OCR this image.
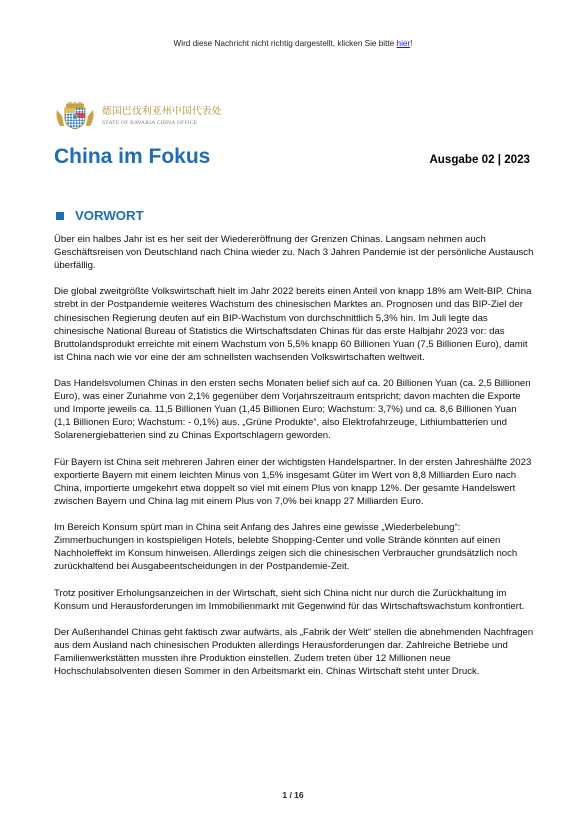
Wird diese Nachricht nicht richtig dargestellt, klicken Sie bitte hier!
德国巴伐利亚州中国代表处
STATE OF BAVARIA CHINA OFFICE
China im Fokus	Ausgabe 02 | 2023
VORWORT

Über ein halbes Jahr ist es her seit der Wiedereröffnung der Grenzen Chinas. Langsam nehmen auch Geschäftsreisen von Deutschland nach China wieder zu. Nach 3 Jahren Pandemie ist der persönliche Austausch überfällig.

Die global zweitgrößte Volkswirtschaft hielt im Jahr 2022 bereits einen Anteil von knapp 18% am Welt-BIP. China strebt in der Postpandemie weiteres Wachstum des chinesischen Marktes an. Prognosen und das BIP-Ziel der chinesischen Regierung deuten auf ein BIP-Wachstum von durchschnittlich 5,3% hin. Im Juli legte das chinesische National Bureau of Statistics die Wirtschaftsdaten Chinas für das erste Halbjahr 2023 vor: das Bruttolandsprodukt erreichte mit einem Wachstum von 5,5% knapp 60 Billionen Yuan (7,5 Billionen Euro), damit ist China nach wie vor eine der am schnellsten wachsenden Volkswirtschaften weltweit.

Das Handelsvolumen Chinas in den ersten sechs Monaten belief sich auf ca. 20 Billionen Yuan (ca. 2,5 Billionen Euro), was einer Zunahme von 2,1% gegenüber dem Vorjahrszeitraum entspricht; davon machten die Exporte und Importe jeweils ca. 11,5 Billionen Yuan (1,45 Billionen Euro; Wachstum: 3,7%) und ca. 8,6 Billionen Yuan (1,1 Billionen Euro; Wachstum: - 0,1%) aus. „Grüne Produkte“, also Elektrofahrzeuge, Lithiumbatterien und Solarenergiebatterien sind zu Chinas Exportschlagern geworden.

Für Bayern ist China seit mehreren Jahren einer der wichtigsten Handelspartner. In der ersten Jahreshälfte 2023 exportierte Bayern mit einem leichten Minus von 1,5% insgesamt Güter im Wert von 8,8 Milliarden Euro nach China, importierte umgekehrt etwa doppelt so viel mit einem Plus von knapp 12%. Der gesamte Handelswert zwischen Bayern und China lag mit einem Plus von 7,0% bei knapp 27 Milliarden Euro.

Im Bereich Konsum spürt man in China seit Anfang des Jahres eine gewisse „Wiederbelebung“: Zimmerbuchungen in kostspieligen Hotels, belebte Shopping-Center und volle Strände könnten auf einen Nachholeffekt im Konsum hinweisen. Allerdings zeigen sich die chinesischen Verbraucher grundsätzlich noch zurückhaltend bei Ausgabeentscheidungen in der Postpandemie-Zeit.

Trotz positiver Erholungsanzeichen in der Wirtschaft, sieht sich China nicht nur durch die Zurückhaltung im Konsum und Herausforderungen im Immobilienmarkt mit Gegenwind für das Wirtschaftswachstum konfrontiert.

Der Außenhandel Chinas geht faktisch zwar aufwärts, als „Fabrik der Welt“ stellen die abnehmenden Nachfragen aus dem Ausland nach chinesischen Produkten allerdings Herausforderungen dar. Zahlreiche Betriebe und Familienwerkstätten mussten ihre Produktion einstellen. Zudem treten über 12 Millionen neue Hochschulabsolventen diesen Sommer in den Arbeitsmarkt ein. Chinas Wirtschaft steht unter Druck.

1 / 16
